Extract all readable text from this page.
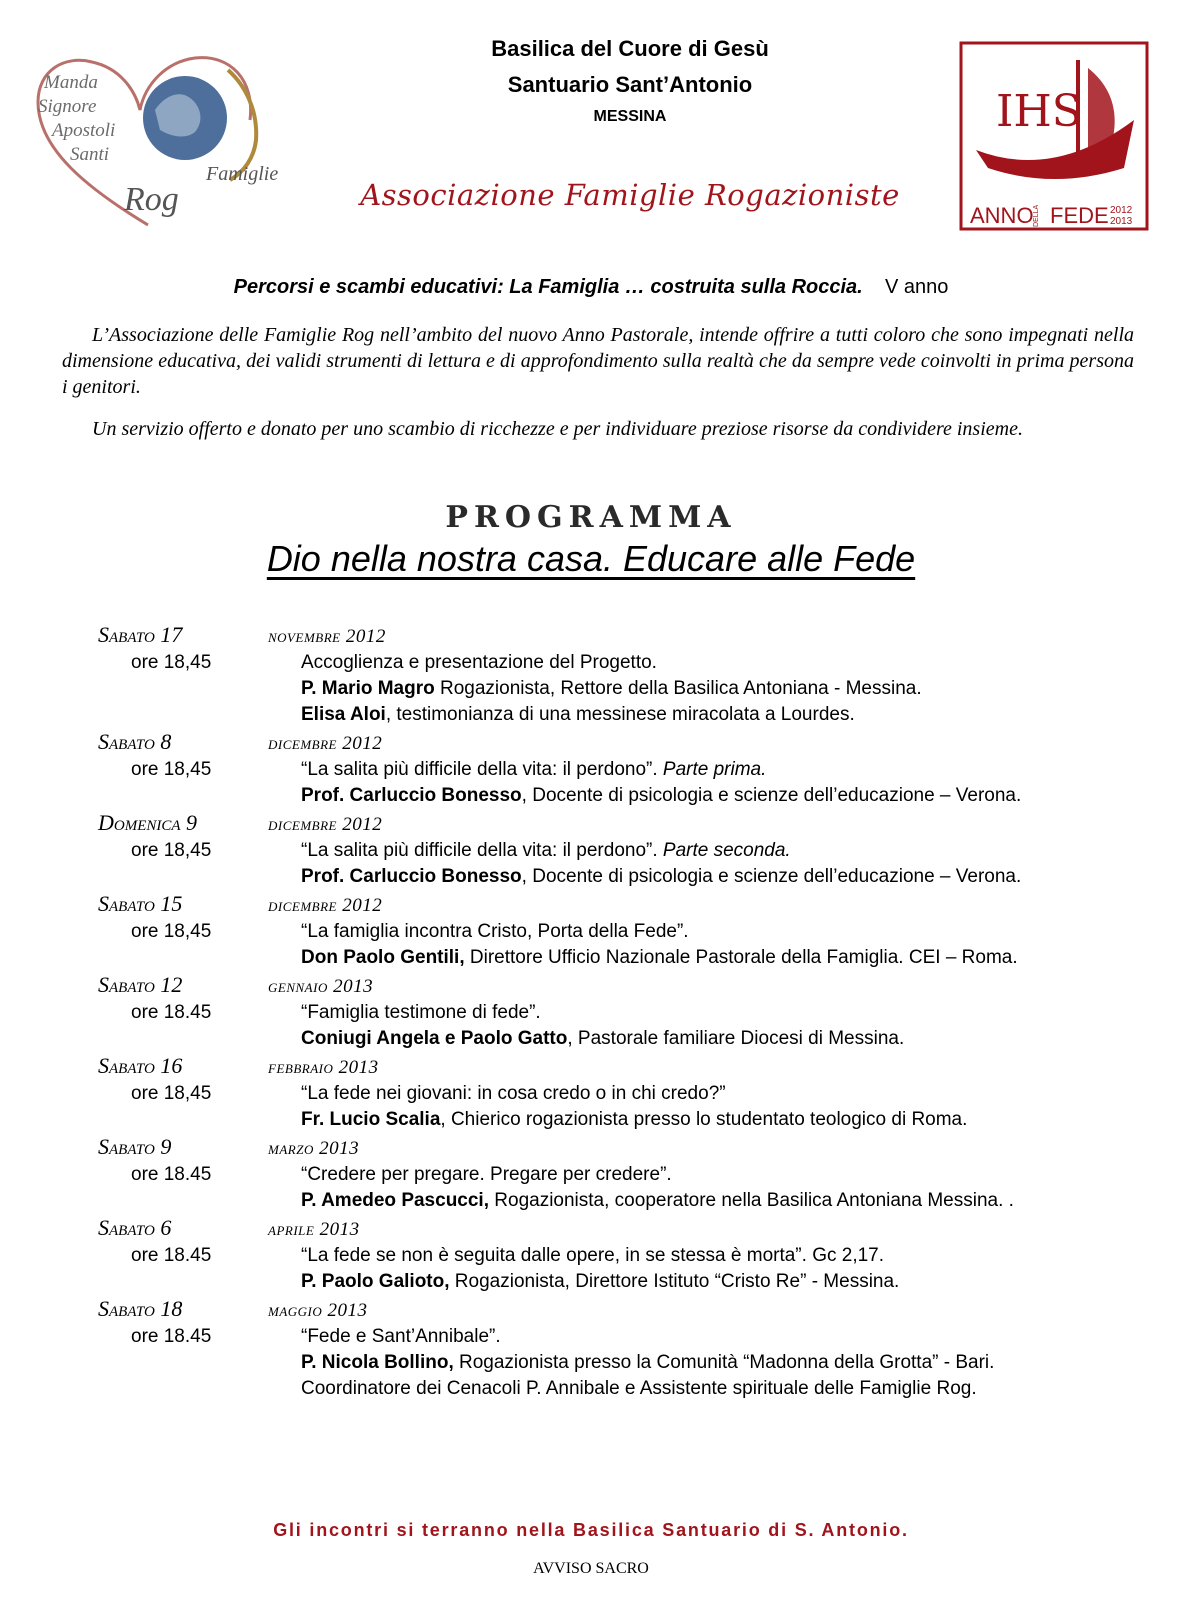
Manda
Signore
Apostoli
Santi
Famiglie
Rog
Basilica del Cuore di Gesù
Santuario Sant’Antonio
MESSINA
Associazione Famiglie Rogazioniste
IHS
ANNO DELLA FEDE 2012
2013
Percorsi e scambi educativi: La Famiglia … costruita sulla Roccia. V anno
L’Associazione delle Famiglie Rog nell’ambito del nuovo Anno Pastorale, intende offrire a tutti coloro che sono impegnati nella dimensione educativa, dei validi strumenti di lettura e di approfondimento sulla realtà che da sempre vede coinvolti in prima persona i genitori.
Un servizio offerto e donato per uno scambio di ricchezze e per individuare preziose risorse da condividere insieme.
PROGRAMMA
Dio nella nostra casa. Educare alle Fede
Sabato 17	novembre 2012
ore 18,45	Accoglienza e presentazione del Progetto.
P. Mario Magro Rogazionista, Rettore della Basilica Antoniana - Messina.
Elisa Aloi, testimonianza di una messinese miracolata a Lourdes.
Sabato 8	dicembre 2012
ore 18,45	“La salita più difficile della vita: il perdono”. Parte prima.
Prof. Carluccio Bonesso, Docente di psicologia e scienze dell’educazione – Verona.
Domenica 9	dicembre 2012
ore 18,45	“La salita più difficile della vita: il perdono”. Parte seconda.
Prof. Carluccio Bonesso, Docente di psicologia e scienze dell’educazione – Verona.
Sabato 15	dicembre 2012
ore 18,45	“La famiglia incontra Cristo, Porta della Fede”.
Don Paolo Gentili, Direttore Ufficio Nazionale Pastorale della Famiglia. CEI – Roma.
Sabato 12	gennaio 2013
ore 18.45	“Famiglia testimone di fede”.
Coniugi Angela e Paolo Gatto, Pastorale familiare Diocesi di Messina.
Sabato 16	febbraio 2013
ore 18,45	“La fede nei giovani: in cosa credo o in chi credo?”
Fr. Lucio Scalia, Chierico rogazionista presso lo studentato teologico di Roma.
Sabato 9	marzo 2013
ore 18.45	“Credere per pregare. Pregare per credere”.
P. Amedeo Pascucci, Rogazionista, cooperatore nella Basilica Antoniana Messina. .
Sabato 6	aprile 2013
ore 18.45	“La fede se non è seguita dalle opere, in se stessa è morta”. Gc 2,17.
P. Paolo Galioto, Rogazionista, Direttore Istituto “Cristo Re” - Messina.
Sabato 18	maggio 2013
ore 18.45	“Fede e Sant’Annibale”.
P. Nicola Bollino, Rogazionista presso la Comunità “Madonna della Grotta” - Bari.
Coordinatore dei Cenacoli P. Annibale e Assistente spirituale delle Famiglie Rog.
Gli incontri si terranno nella Basilica Santuario di S. Antonio.
AVVISO SACRO
